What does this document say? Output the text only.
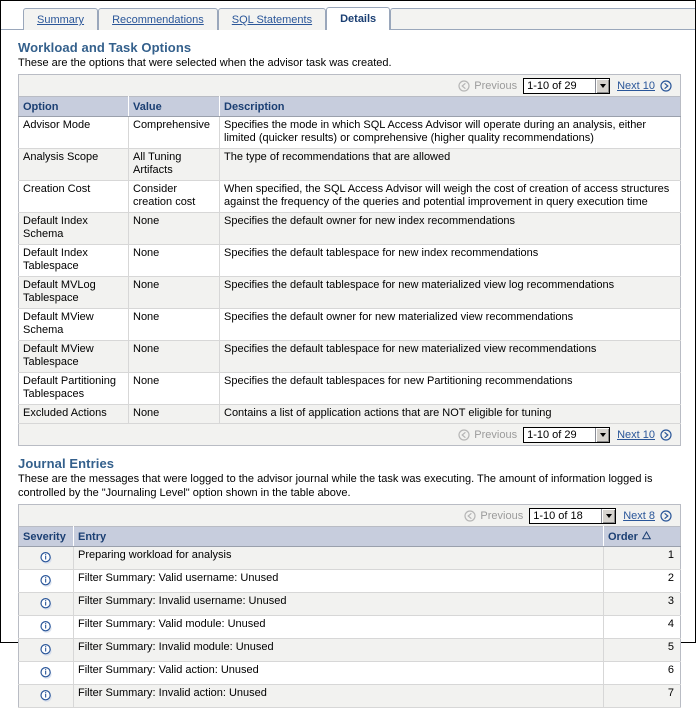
Summary	Recommendations	SQL Statements	Details
Workload and Task Options
These are the options that were selected when the advisor task was created.
Previous 1-10 of 29	Next 10
Option	Value	Description
Advisor Mode	Comprehensive	Specifies the mode in which SQL Access Advisor will operate during an analysis, either limited (quicker results) or comprehensive (higher quality recommendations)
Analysis Scope	All Tuning Artifacts	The type of recommendations that are allowed
Creation Cost	Consider creation cost	When specified, the SQL Access Advisor will weigh the cost of creation of access structures against the frequency of the queries and potential improvement in query execution time
Default Index Schema	None	Specifies the default owner for new index recommendations
Default Index Tablespace	None	Specifies the default tablespace for new index recommendations
Default MVLog Tablespace	None	Specifies the default tablespace for new materialized view log recommendations
Default MView Schema	None	Specifies the default owner for new materialized view recommendations
Default MView Tablespace	None	Specifies the default tablespace for new materialized view recommendations
Default Partitioning Tablespaces	None	Specifies the default tablespaces for new Partitioning recommendations
Excluded Actions	None	Contains a list of application actions that are NOT eligible for tuning
Previous 1-10 of 29	Next 10
Journal Entries
These are the messages that were logged to the advisor journal while the task was executing. The amount of information logged is controlled by the "Journaling Level" option shown in the table above.
Previous 1-10 of 18	Next 8
Severity	Entry	Order

	Preparing workload for analysis	1

	Filter Summary: Valid username: Unused	2

	Filter Summary: Invalid username: Unused	3

	Filter Summary: Valid module: Unused	4

	Filter Summary: Invalid module: Unused	5

	Filter Summary: Valid action: Unused	6

	Filter Summary: Invalid action: Unused	7
